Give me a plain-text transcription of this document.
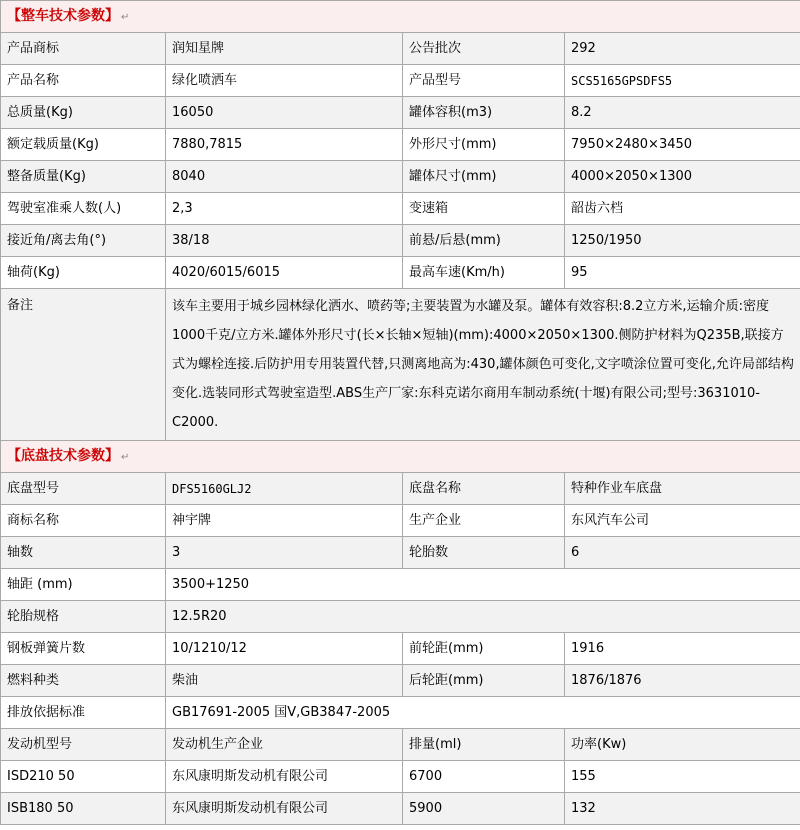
【整车技术参数】 ↵			
产品商标	润知星牌	公告批次	292
产品名称	绿化喷洒车	产品型号	SCS5165GPSDFS5
总质量(Kg)	16050	罐体容积(m3)	8.2
额定载质量(Kg)	7880,7815	外形尺寸(mm)	7950×2480×3450
整备质量(Kg)	8040	罐体尺寸(mm)	4000×2050×1300
驾驶室准乘人数(人)	2,3	变速箱	韶齿六档
接近角/离去角(°)	38/18	前悬/后悬(mm)	1250/1950
轴荷(Kg)	4020/6015/6015	最高车速(Km/h)	95
备注	该车主要用于城乡园林绿化洒水、喷药等;主要装置为水罐及泵。罐体有效容积:8.2立方米,运输介质:密度1000千克/立方米.罐体外形尺寸(长×长轴×短轴)(mm):4000×2050×1300.侧防护材料为Q235B,联接方式为螺栓连接.后防护用专用装置代替,只测离地高为:430,罐体颜色可变化,文字喷涂位置可变化,允许局部结构变化.选装同形式驾驶室造型.ABS生产厂家:东科克诺尔商用车制动系统(十堰)有限公司;型号:3631010-C2000.		
【底盘技术参数】 ↵			
底盘型号	DFS5160GLJ2	底盘名称	特种作业车底盘
商标名称	神宇牌	生产企业	东风汽车公司
轴数	3	轮胎数	6
轴距 (mm)	3500+1250		
轮胎规格	12.5R20		
钢板弹簧片数	10/1210/12	前轮距(mm)	1916
燃料种类	柴油	后轮距(mm)	1876/1876
排放依据标准	GB17691-2005 国V,GB3847-2005		
发动机型号	发动机生产企业	排量(ml)	功率(Kw)
ISD210 50	东风康明斯发动机有限公司	6700	155
ISB180 50	东风康明斯发动机有限公司	5900	132
